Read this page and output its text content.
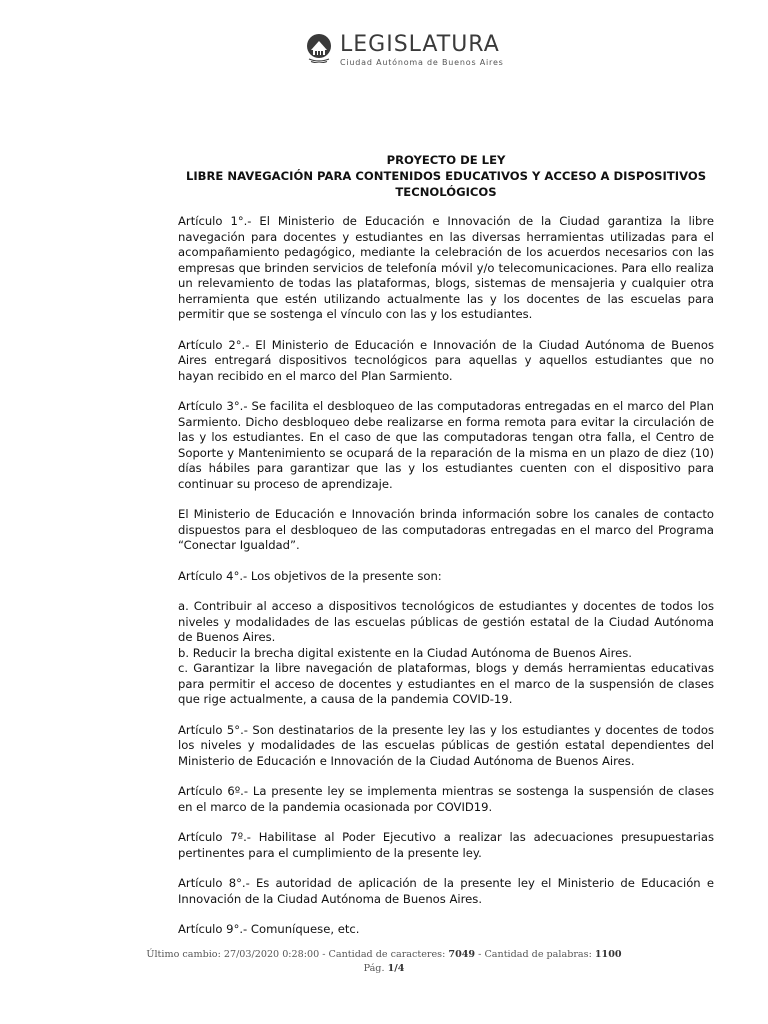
LEGISLATURA
Ciudad Autónoma de Buenos Aires

PROYECTO DE LEY

LIBRE NAVEGACIÓN PARA CONTENIDOS EDUCATIVOS Y ACCESO A DISPOSITIVOS

TECNOLÓGICOS

Artículo 1°.- El Ministerio de Educación e Innovación de la Ciudad garantiza la libre navegación para docentes y estudiantes en las diversas herramientas utilizadas para el acompañamiento pedagógico, mediante la celebración de los acuerdos necesarios con las empresas que brinden servicios de telefonía móvil y/o telecomunicaciones. Para ello realiza un relevamiento de todas las plataformas, blogs, sistemas de mensajeria y cualquier otra herramienta que estén utilizando actualmente las y los docentes de las escuelas para permitir que se sostenga el vínculo con las y los estudiantes.

Artículo 2°.- El Ministerio de Educación e Innovación de la Ciudad Autónoma de Buenos Aires entregará dispositivos tecnológicos para aquellas y aquellos estudiantes que no hayan recibido en el marco del Plan Sarmiento.

Artículo 3°.- Se facilita el desbloqueo de las computadoras entregadas en el marco del Plan Sarmiento. Dicho desbloqueo debe realizarse en forma remota para evitar la circulación de las y los estudiantes. En el caso de que las computadoras tengan otra falla, el Centro de Soporte y Mantenimiento se ocupará de la reparación de la misma en un plazo de diez (10) días hábiles para garantizar que las y los estudiantes cuenten con el dispositivo para continuar su proceso de aprendizaje.

El Ministerio de Educación e Innovación brinda información sobre los canales de contacto dispuestos para el desbloqueo de las computadoras entregadas en el marco del Programa “Conectar Igualdad”.

Artículo 4°.- Los objetivos de la presente son:

a. Contribuir al acceso a dispositivos tecnológicos de estudiantes y docentes de todos los niveles y modalidades de las escuelas públicas de gestión estatal de la Ciudad Autónoma de Buenos Aires.

b. Reducir la brecha digital existente en la Ciudad Autónoma de Buenos Aires.

c. Garantizar la libre navegación de plataformas, blogs y demás herramientas educativas para permitir el acceso de docentes y estudiantes en el marco de la suspensión de clases que rige actualmente, a causa de la pandemia COVID-19.

Artículo 5°.- Son destinatarios de la presente ley las y los estudiantes y docentes de todos los niveles y modalidades de las escuelas públicas de gestión estatal dependientes del Ministerio de Educación e Innovación de la Ciudad Autónoma de Buenos Aires.

Artículo 6º.- La presente ley se implementa mientras se sostenga la suspensión de clases en el marco de la pandemia ocasionada por COVID19.

Artículo 7º.- Habilitase al Poder Ejecutivo a realizar las adecuaciones presupuestarias pertinentes para el cumplimiento de la presente ley.

Artículo 8°.- Es autoridad de aplicación de la presente ley el Ministerio de Educación e Innovación de la Ciudad Autónoma de Buenos Aires.

Artículo 9°.- Comuníquese, etc.

Último cambio: 27/03/2020 0:28:00 - Cantidad de caracteres: 7049 - Cantidad de palabras: 1100
Pág. 1/4
